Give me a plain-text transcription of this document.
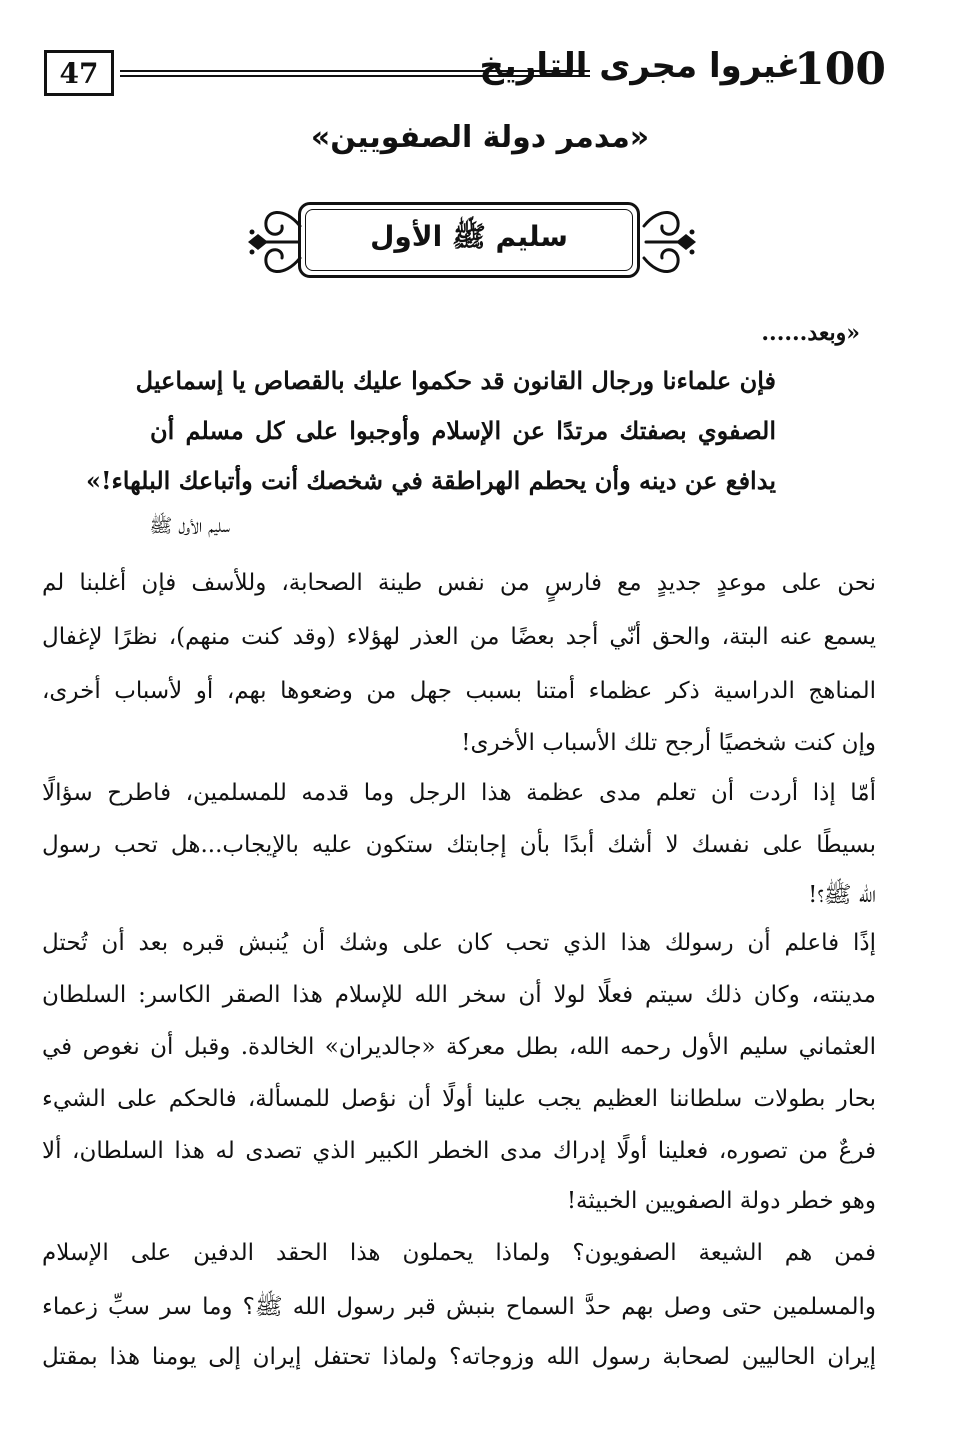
47	غيروا مجرى التاريخ
100
«مدمر دولة الصفويين»
سليم ﷺ الأول
«وبعد......
فإن علماءنا ورجال القانون قد حكموا عليك بالقصاص يا إسماعيل
الصفوي بصفتك مرتدًا عن الإسلام وأوجبوا على كل مسلم أن
يدافع عن دينه وأن يحطم الهراطقة في شخصك أنت وأتباعك البلهاء!»
سليم الأول ﷺ
نحن على موعدٍ جديدٍ مع فارسٍ من نفس طينة الصحابة، وللأسف فإن أغلبنا لم
يسمع عنه البتة، والحق أنّي أجد بعضًا من العذر لهؤلاء (وقد كنت منهم)، نظرًا لإغفال
المناهج الدراسية ذكر عظماء أمتنا بسبب جهل من وضعوها بهم، أو لأسباب أخرى،
وإن كنت شخصيًا أرجح تلك الأسباب الأخرى!
أمّا إذا أردت أن تعلم مدى عظمة هذا الرجل وما قدمه للمسلمين، فاطرح سؤالًا
بسيطًا على نفسك لا أشك أبدًا بأن إجابتك ستكون عليه بالإيجاب...هل تحب رسول
الله ﷺ؟!
إذًا فاعلم أن رسولك هذا الذي تحب كان على وشك أن يُنبش قبره بعد أن تُحتل
مدينته، وكان ذلك سيتم فعلًا لولا أن سخر الله للإسلام هذا الصقر الكاسر: السلطان
العثماني سليم الأول رحمه الله، بطل معركة «جالديران» الخالدة. وقبل أن نغوص في
بحار بطولات سلطاننا العظيم يجب علينا أولًا أن نؤصل للمسألة، فالحكم على الشيء
فرعٌ من تصوره، فعلينا أولًا إدراك مدى الخطر الكبير الذي تصدى له هذا السلطان، ألا
وهو خطر دولة الصفويين الخبيثة!
فمن هم الشيعة الصفويون؟ ولماذا يحملون هذا الحقد الدفين على الإسلام
والمسلمين حتى وصل بهم حدَّ السماح بنبش قبر رسول الله ﷺ؟ وما سر سبِّ زعماء
إيران الحاليين لصحابة رسول الله وزوجاته؟ ولماذا تحتفل إيران إلى يومنا هذا بمقتل
